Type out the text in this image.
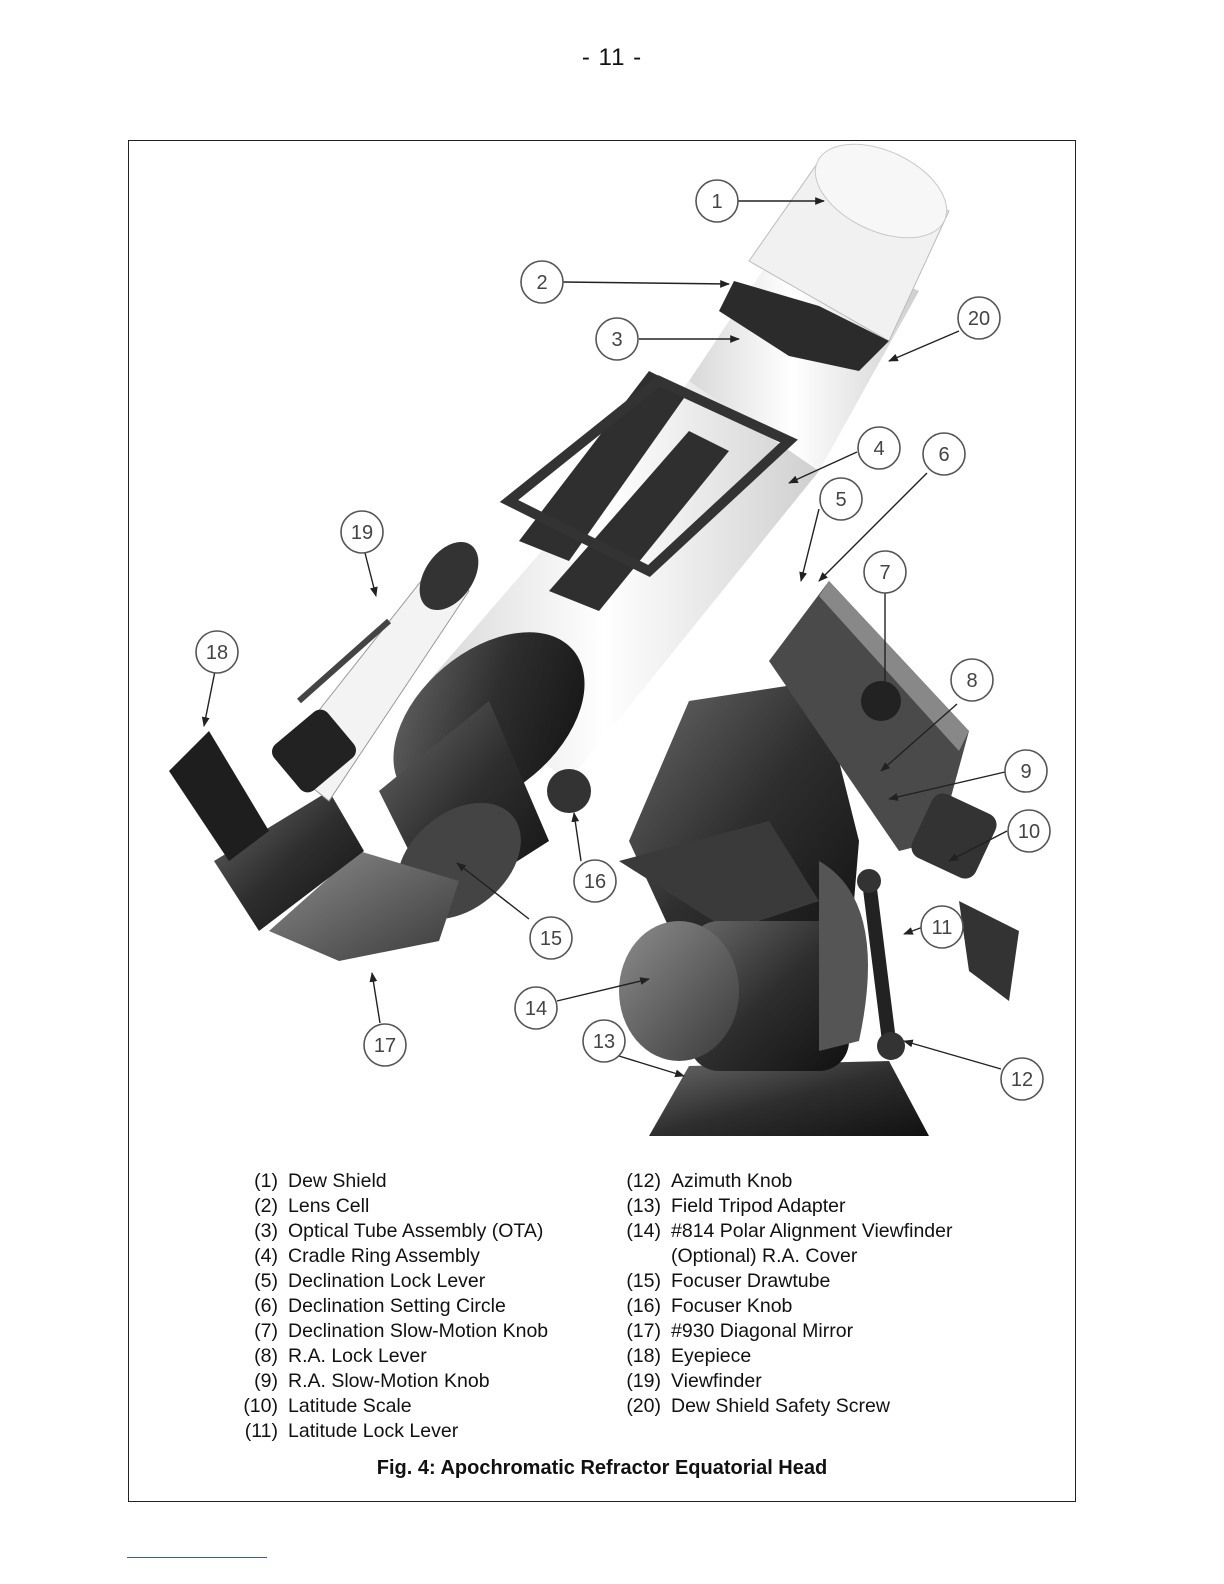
- 11 -
1
2
3
4
5
6
7
8
9
10
11
12
13
14
15
16
17
18
19
20
(1) Dew Shield
(2) Lens Cell
(3) Optical Tube Assembly (OTA)
(4) Cradle Ring Assembly
(5) Declination Lock Lever
(6) Declination Setting Circle
(7) Declination Slow-Motion Knob
(8) R.A. Lock Lever
(9) R.A. Slow-Motion Knob
(10) Latitude Scale
(11) Latitude Lock Lever
(12) Azimuth Knob
(13) Field Tripod Adapter
(14) #814 Polar Alignment Viewfinder
(Optional) R.A. Cover
(15) Focuser Drawtube
(16) Focuser Knob
(17) #930 Diagonal Mirror
(18) Eyepiece
(19) Viewfinder
(20) Dew Shield Safety Screw
Fig. 4: Apochromatic Refractor Equatorial Head
